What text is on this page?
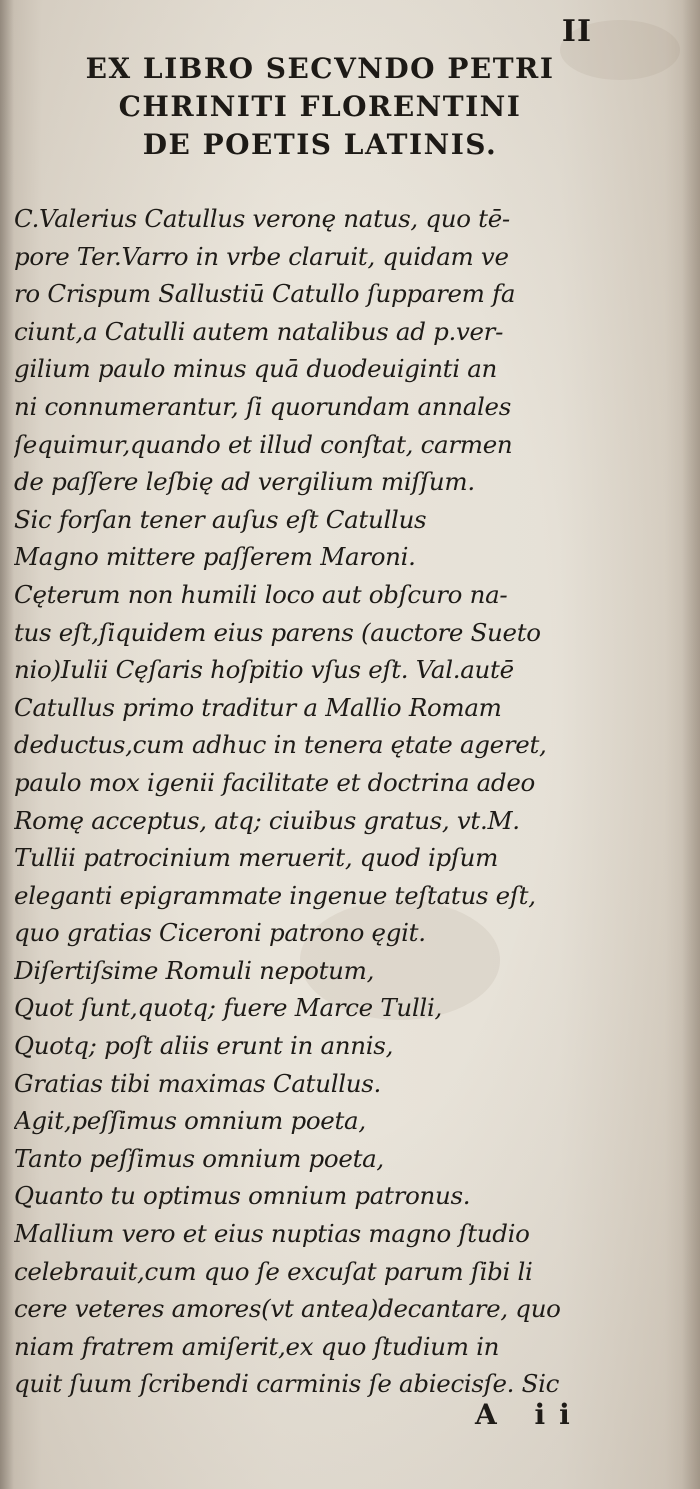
II
EX LIBRO SECVNDO PETRI
CHRINITI FLORENTINI
DE POETIS LATINIS.
C.Valerius Catullus veronę natus, quo tē-
pore Ter.Varro in vrbe claruit, quidam ve
ro Crispum Sallustiū Catullo ſupparem fa
ciunt,a Catulli autem natalibus ad p.ver-
gilium paulo minus quā duodeuiginti an
ni connumerantur, ſi quorundam annales
ſequimur,quando et illud conſtat, carmen
de paſſere leſbię ad vergilium miſſum.
Sic forſan tener auſus eſt Catullus
Magno mittere paſſerem Maroni.
Cęterum non humili loco aut obſcuro na-
tus eſt,ſiquidem eius parens (auctore Sueto
nio)Iulii Cęſaris hoſpitio vſus eſt. Val.autē
Catullus primo traditur a Mallio Romam
deductus,cum adhuc in tenera ętate ageret,
paulo mox igenii facilitate et doctrina adeo
Romę acceptus, atq; ciuibus gratus, vt.M.
Tullii patrocinium meruerit, quod ipſum
eleganti epigrammate ingenue teſtatus eſt,
quo gratias Ciceroni patrono ęgit.
Diſertiſsime Romuli nepotum,
Quot ſunt,quotq; fuere Marce Tulli,
Quotq; poſt aliis erunt in annis,
Gratias tibi maximas Catullus.
Agit,peſſimus omnium poeta,
Tanto peſſimus omnium poeta,
Quanto tu optimus omnium patronus.
Mallium vero et eius nuptias magno ſtudio
celebrauit,cum quo ſe excuſat parum ſibi li
cere veteres amores(vt antea)decantare, quo
niam fratrem amiſerit,ex quo ſtudium in
quit ſuum ſcribendi carminis ſe abiecisſe. Sic
A ii
